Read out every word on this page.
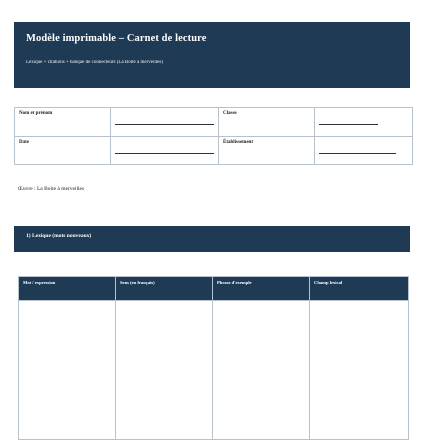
Modèle imprimable – Carnet de lecture
Lexique + citations + banque de connecteurs (La Boite à merveilles)
Nom et prénom		Classe	

Date		Établissement	
Œuvre : La Boite à merveilles
1) Lexique (mots nouveaux)
Mot / expression	Sens (en français)	Phrase d'exemple	Champ lexical
